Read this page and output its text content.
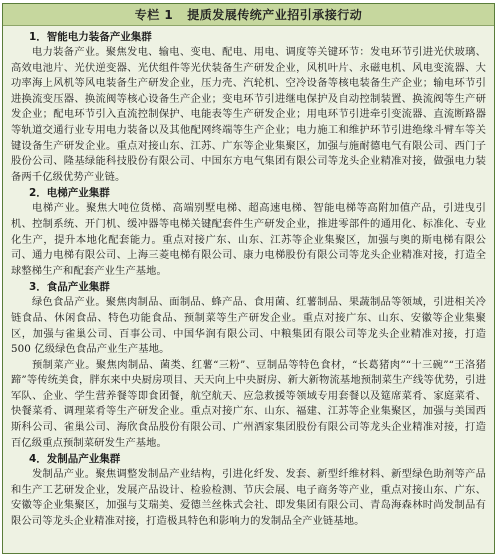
专栏 1 提质发展传统产业招引承接行动
1．智能电力装备产业集群

电力装备产业。聚焦发电、输电、变电、配电、用电、调度等关键环节：发电环节引进光伏玻璃、高效电池片、光伏逆变器、光伏组件等光伏装备生产研发企业，风机叶片、永磁电机、风电变流器、大功率海上风机等风电装备生产研发企业，压力壳、汽轮机、空冷设备等核电装备生产企业；输电环节引进换流变压器、换流阀等核心设备生产企业；变电环节引进继电保护及自动控制装置、换流阀等生产研发企业；配电环节引入直流控制保护、电能表等生产研发企业；用电环节引进牵引变流器、直流断路器等轨道交通行业专用电力装备以及其他配网终端等生产企业；电力施工和维护环节引进绝缘斗臂车等关键设备生产研发企业。重点对接山东、江苏、广东等企业集聚区，加强与施耐德电气有限公司、西门子股份公司、隆基绿能科技股份有限公司、中国东方电气集团有限公司等龙头企业精准对接，做强电力装备两千亿级优势产业链。

2．电梯产业集群

电梯产业。聚焦大吨位货梯、高端别墅电梯、超高速电梯、智能电梯等高附加值产品，引进曳引机、控制系统、开门机、缓冲器等电梯关键配套件生产研发企业，推进零部件的通用化、标准化、专业化生产，提升本地化配套能力。重点对接广东、山东、江苏等企业集聚区，加强与奥的斯电梯有限公司、通力电梯有限公司、上海三菱电梯有限公司、康力电梯股份有限公司等龙头企业精准对接，打造全球整梯生产和配套产业生产基地。

3．食品产业集群

绿色食品产业。聚焦肉制品、面制品、蜂产品、食用菌、红薯制品、果蔬制品等领域，引进相关冷链食品、休闲食品、特色功能食品、预制菜等生产研发企业。重点对接广东、山东、安徽等企业集聚区，加强与雀巢公司、百事公司、中国华润有限公司、中粮集团有限公司等龙头企业精准对接，打造 500 亿级绿色食品产业生产基地。

预制菜产业。聚焦肉制品、菌类、红薯“三粉”、豆制品等特色食材，“长葛猪肉”“十三碗”“王洛猪蹄”等传统美食，胖东来中央厨房项目、天天向上中央厨房、新大新物流基地预制菜生产线等优势，引进军队、企业、学生营养餐等即食团餐，航空航天、应急救援等领域专用套餐以及筵席菜肴、家庭菜肴、快餐菜肴、调理菜肴等生产研发企业。重点对接广东、山东、福建、江苏等企业集聚区，加强与美国西斯科公司、雀巢公司、海欣食品股份有限公司、广州酒家集团股份有限公司等龙头企业精准对接，打造百亿级重点预制菜研发生产基地。

4．发制品产业集群

发制品产业。聚焦调整发制品产业结构，引进化纤发、发套、新型纤维材料、新型绿色助剂等产品和生产工艺研发企业，发展产品设计、检验检测、节庆会展、电子商务等产业，重点对接山东、广东、安徽等企业集聚区，加强与艾瑞美、爱德兰丝株式会社、即发集团有限公司、青岛海森林时尚发制品有限公司等龙头企业精准对接，打造极具特色和影响力的发制品全产业链基地。
